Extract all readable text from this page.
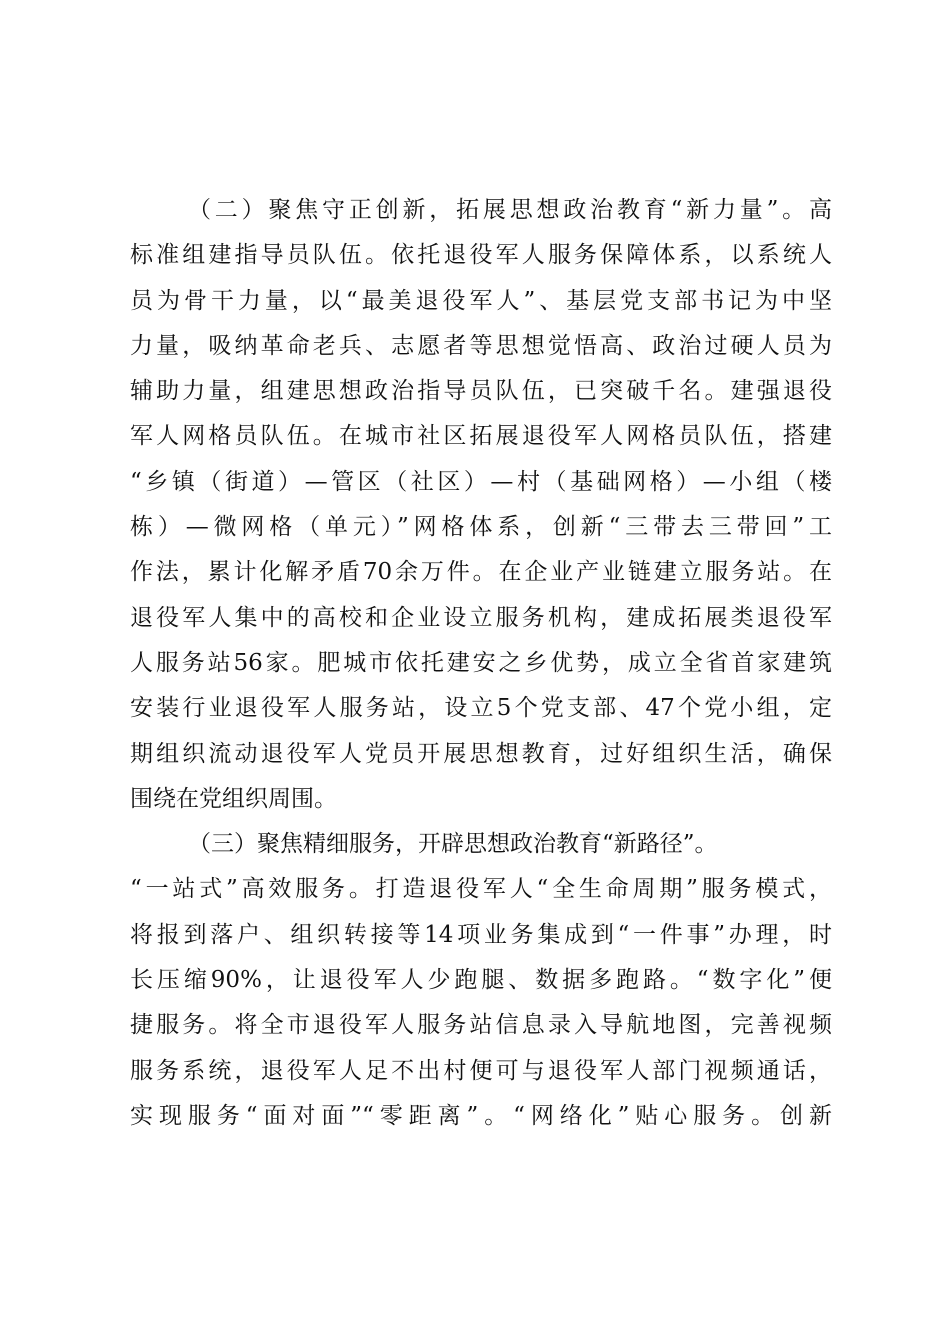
（二）聚焦守正创新，拓展思想政治教育“新力量”。高
标准组建指导员队伍。依托退役军人服务保障体系，以系统人
员为骨干力量，以“最美退役军人”、基层党支部书记为中坚
力量，吸纳革命老兵、志愿者等思想觉悟高、政治过硬人员为
辅助力量，组建思想政治指导员队伍，已突破千名。建强退役
军人网格员队伍。在城市社区拓展退役军人网格员队伍，搭建
“乡镇（街道）—管区（社区）—村（基础网格）—小组（楼
栋）—微网格（单元）”网格体系，创新“三带去三带回”工
作法，累计化解矛盾70余万件。在企业产业链建立服务站。在
退役军人集中的高校和企业设立服务机构，建成拓展类退役军
人服务站56家。肥城市依托建安之乡优势，成立全省首家建筑
安装行业退役军人服务站，设立5个党支部、47个党小组，定
期组织流动退役军人党员开展思想教育，过好组织生活，确保
围绕在党组织周围。
（三）聚焦精细服务，开辟思想政治教育“新路径”。
“一站式”高效服务。打造退役军人“全生命周期”服务模式，
将报到落户、组织转接等14项业务集成到“一件事”办理，时
长压缩90%，让退役军人少跑腿、数据多跑路。“数字化”便
捷服务。将全市退役军人服务站信息录入导航地图，完善视频
服务系统，退役军人足不出村便可与退役军人部门视频通话，
实现服务“面对面”“零距离”。“网络化”贴心服务。创新
